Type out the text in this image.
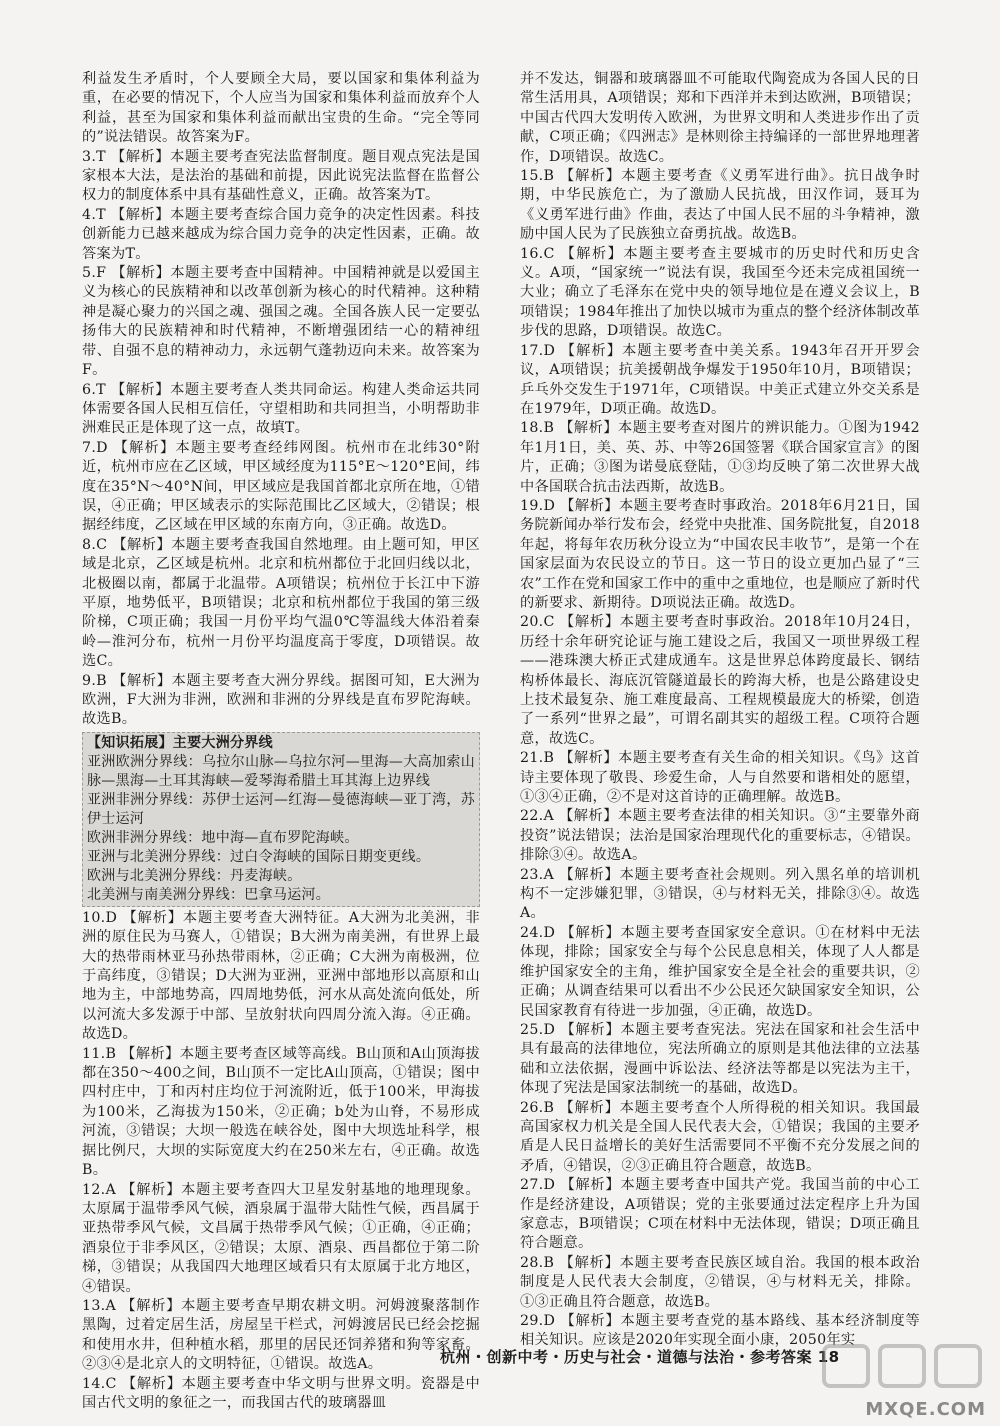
利益发生矛盾时，个人要顾全大局，要以国家和集体利益为重，在必要的情况下，个人应当为国家和集体利益而放弃个人利益，甚至为国家和集体利益而献出宝贵的生命。“完全等同的”说法错误。故答案为F。

3.T 【解析】本题主要考查宪法监督制度。题目观点宪法是国家根本大法，是法治的基础和前提，因此说宪法监督在监督公权力的制度体系中具有基础性意义，正确。故答案为T。

4.T 【解析】本题主要考查综合国力竞争的决定性因素。科技创新能力已越来越成为综合国力竞争的决定性因素，正确。故答案为T。

5.F 【解析】本题主要考查中国精神。中国精神就是以爱国主义为核心的民族精神和以改革创新为核心的时代精神。这种精神是凝心聚力的兴国之魂、强国之魂。全国各族人民一定要弘扬伟大的民族精神和时代精神，不断增强团结一心的精神纽带、自强不息的精神动力，永远朝气蓬勃迈向未来。故答案为F。

6.T 【解析】本题主要考查人类共同命运。构建人类命运共同体需要各国人民相互信任，守望相助和共同担当，小明帮助非洲难民正是体现了这一点，故填T。

7.D 【解析】本题主要考查经纬网图。杭州市在北纬30°附近，杭州市应在乙区域，甲区域经度为115°E～120°E间，纬度在35°N～40°N间，甲区域应是我国首都北京所在地，①错误，④正确；甲区域表示的实际范围比乙区域大，②错误；根据经纬度，乙区域在甲区域的东南方向，③正确。故选D。

8.C 【解析】本题主要考查我国自然地理。由上题可知，甲区域是北京，乙区域是杭州。北京和杭州都位于北回归线以北，北极圈以南，都属于北温带。A项错误；杭州位于长江中下游平原，地势低平，B项错误；北京和杭州都位于我国的第三级阶梯，C项正确；我国一月份平均气温0℃等温线大体沿着秦岭—淮河分布，杭州一月份平均温度高于零度，D项错误。故选C。

9.B 【解析】本题主要考查大洲分界线。据图可知，E大洲为欧洲，F大洲为非洲，欧洲和非洲的分界线是直布罗陀海峡。故选B。

【知识拓展】主要大洲分界线

亚洲欧洲分界线：乌拉尔山脉—乌拉尔河—里海—大高加索山脉—黑海—土耳其海峡—爱琴海希腊土耳其海上边界线

亚洲非洲分界线：苏伊士运河—红海—曼德海峡—亚丁湾，苏伊士运河

欧洲非洲分界线：地中海—直布罗陀海峡。

亚洲与北美洲分界线：过白令海峡的国际日期变更线。

欧洲与北美洲分界线：丹麦海峡。

北美洲与南美洲分界线：巴拿马运河。

10.D 【解析】本题主要考查大洲特征。A大洲为北美洲，非洲的原住民为马赛人，①错误；B大洲为南美洲，有世界上最大的热带雨林亚马孙热带雨林，②正确；C大洲为南极洲，位于高纬度，③错误；D大洲为亚洲，亚洲中部地形以高原和山地为主，中部地势高，四周地势低，河水从高处流向低处，所以河流大多发源于中部、呈放射状向四周分流入海。④正确。故选D。

11.B 【解析】本题主要考查区域等高线。B山顶和A山顶海拔都在350～400之间，B山顶不一定比A山顶高，①错误；图中四村庄中，丁和丙村庄均位于河流附近，低于100米，甲海拔为100米，乙海拔为150米，②正确；b处为山脊，不易形成河流，③错误；大坝一般选在峡谷处，图中大坝选址科学，根据比例尺，大坝的实际宽度大约在250米左右，④正确。故选B。

12.A 【解析】本题主要考查四大卫星发射基地的地理现象。太原属于温带季风气候，酒泉属于温带大陆性气候，西昌属于亚热带季风气候，文昌属于热带季风气候；①正确，④正确；酒泉位于非季风区，②错误；太原、酒泉、西昌都位于第二阶梯，③错误；从我国四大地理区域看只有太原属于北方地区，④错误。

13.A 【解析】本题主要考查早期农耕文明。河姆渡聚落制作黑陶，过着定居生活，房屋呈干栏式，河姆渡居民已经会挖掘和使用水井，但种植水稻，那里的居民还饲养猪和狗等家畜。②③④是北京人的文明特征，①错误。故选A。

14.C 【解析】本题主要考查中华文明与世界文明。瓷器是中国古代文明的象征之一，而我国古代的玻璃器皿

并不发达，铜器和玻璃器皿不可能取代陶瓷成为各国人民的日常生活用具，A项错误；郑和下西洋并未到达欧洲，B项错误；中国古代四大发明传入欧洲，为世界文明和人类进步作出了贡献，C项正确；《四洲志》是林则徐主持编译的一部世界地理著作，D项错误。故选C。

15.B 【解析】本题主要考查《义勇军进行曲》。抗日战争时期，中华民族危亡，为了激励人民抗战，田汉作词，聂耳为《义勇军进行曲》作曲，表达了中国人民不屈的斗争精神，激励中国人民为了民族独立奋勇抗战。故选B。

16.C 【解析】本题主要考查主要城市的历史时代和历史含义。A项，“国家统一”说法有误，我国至今还未完成祖国统一大业；确立了毛泽东在党中央的领导地位是在遵义会议上，B项错误；1984年推出了加快以城市为重点的整个经济体制改革步伐的思路，D项错误。故选C。

17.D 【解析】本题主要考查中美关系。1943年召开开罗会议，A项错误；抗美援朝战争爆发于1950年10月，B项错误；乒乓外交发生于1971年，C项错误。中美正式建立外交关系是在1979年，D项正确。故选D。

18.B 【解析】本题主要考查对图片的辨识能力。①图为1942年1月1日，美、英、苏、中等26国签署《联合国家宣言》的图片，正确；③图为诺曼底登陆，①③均反映了第二次世界大战中各国联合抗击法西斯，故选B。

19.D 【解析】本题主要考查时事政治。2018年6月21日，国务院新闻办举行发布会，经党中央批准、国务院批复，自2018年起，将每年农历秋分设立为“中国农民丰收节”，是第一个在国家层面为农民设立的节日。这一节日的设立更加凸显了“三农”工作在党和国家工作中的重中之重地位，也是顺应了新时代的新要求、新期待。D项说法正确。故选D。

20.C 【解析】本题主要考查时事政治。2018年10月24日，历经十余年研究论证与施工建设之后，我国又一项世界级工程——港珠澳大桥正式建成通车。这是世界总体跨度最长、钢结构桥体最长、海底沉管隧道最长的跨海大桥，也是公路建设史上技术最复杂、施工难度最高、工程规模最庞大的桥梁，创造了一系列“世界之最”，可谓名副其实的超级工程。C项符合题意，故选C。

21.B 【解析】本题主要考查有关生命的相关知识。《鸟》这首诗主要体现了敬畏、珍爱生命，人与自然要和谐相处的愿望，①③④正确，②不是对这首诗的正确理解。故选B。

22.A 【解析】本题主要考查法律的相关知识。③“主要靠外商投资”说法错误；法治是国家治理现代化的重要标志，④错误。排除③④。故选A。

23.A 【解析】本题主要考查社会规则。列入黑名单的培训机构不一定涉嫌犯罪，③错误，④与材料无关，排除③④。故选A。

24.D 【解析】本题主要考查国家安全意识。①在材料中无法体现，排除；国家安全与每个公民息息相关，体现了人人都是维护国家安全的主角，维护国家安全是全社会的重要共识，②正确；从调查结果可以看出不少公民还欠缺国家安全知识，公民国家教育有待进一步加强，④正确，故选D。

25.D 【解析】本题主要考查宪法。宪法在国家和社会生活中具有最高的法律地位，宪法所确立的原则是其他法律的立法基础和立法依据，漫画中诉讼法、经济法等都是以宪法为主干，体现了宪法是国家法制统一的基础，故选D。

26.B 【解析】本题主要考查个人所得税的相关知识。我国最高国家权力机关是全国人民代表大会，①错误；我国的主要矛盾是人民日益增长的美好生活需要同不平衡不充分发展之间的矛盾，④错误，②③正确且符合题意，故选B。

27.D 【解析】本题主要考查中国共产党。我国当前的中心工作是经济建设，A项错误；党的主张要通过法定程序上升为国家意志，B项错误；C项在材料中无法体现，错误；D项正确且符合题意。

28.B 【解析】本题主要考查民族区域自治。我国的根本政治制度是人民代表大会制度，②错误，④与材料无关，排除。①③正确且符合题意，故选B。

29.D 【解析】本题主要考查党的基本路线、基本经济制度等相关知识。应该是2020年实现全面小康，2050年实

杭州・创新中考・历史与社会・道德与法治・参考答案 18
MXQE.COM
